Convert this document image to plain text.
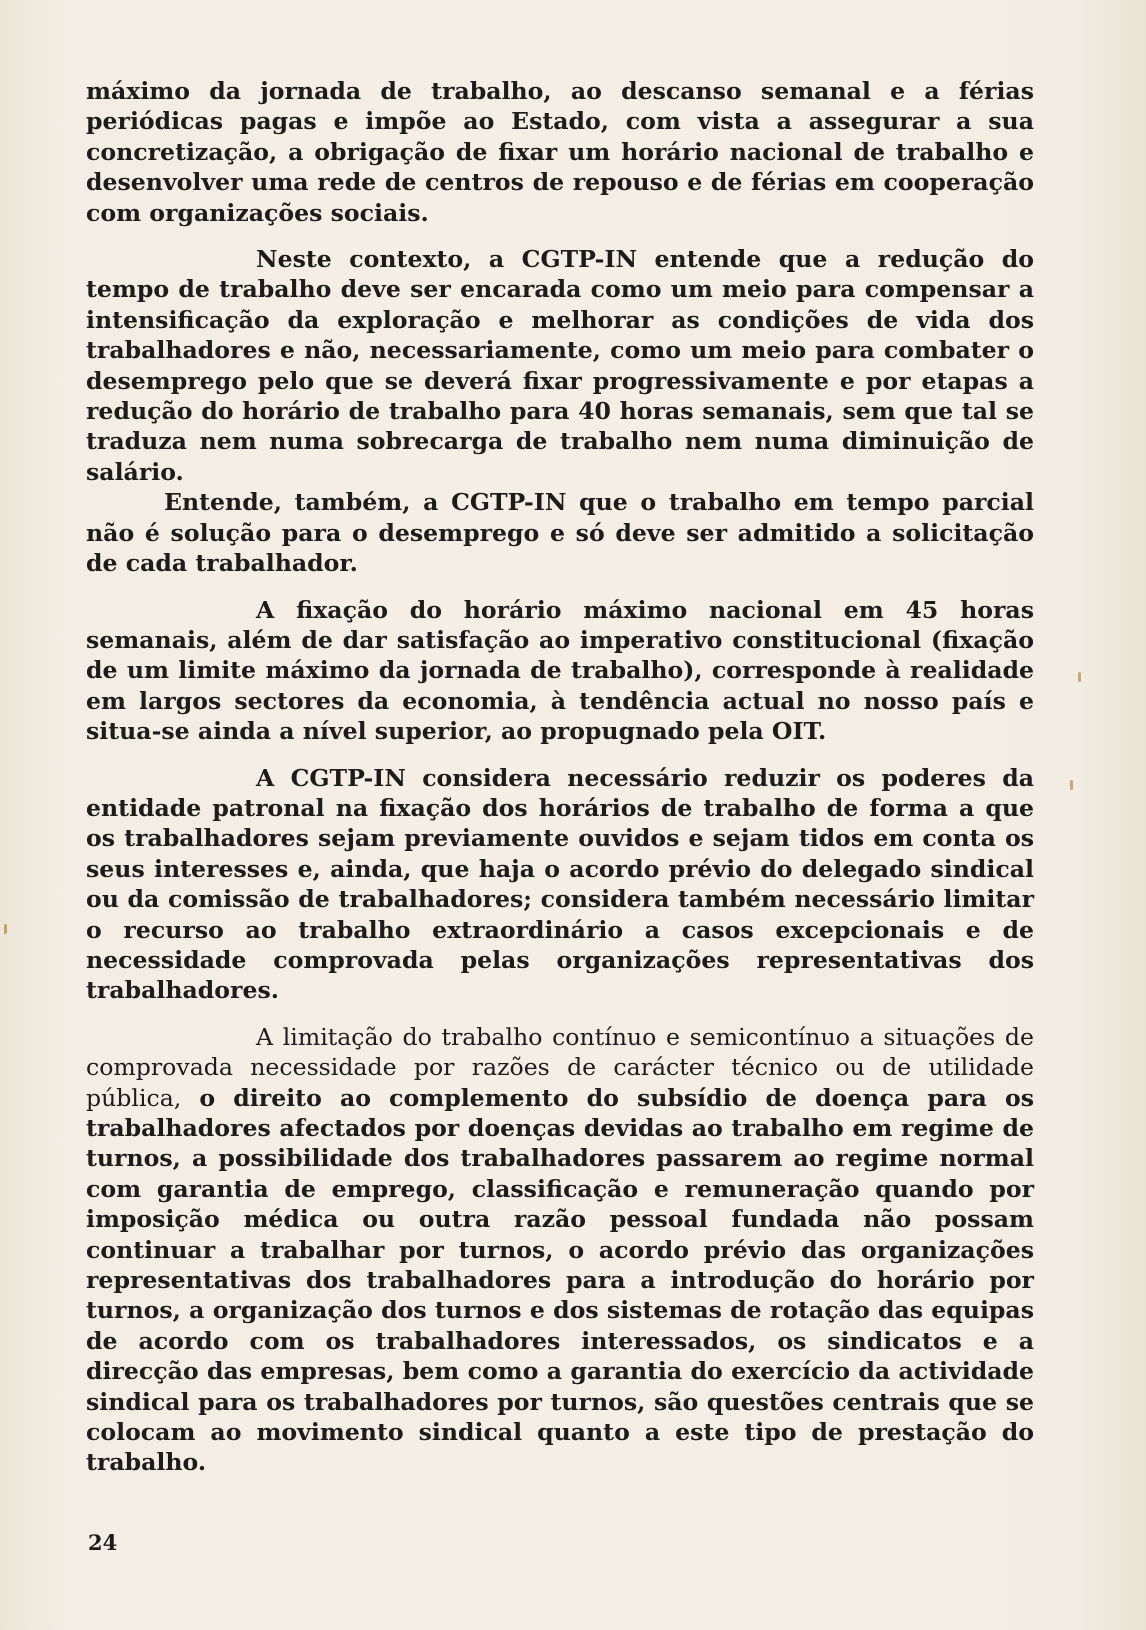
máximo da jornada de trabalho, ao descanso semanal e a férias periódicas pagas e impõe ao Estado, com vista a assegurar a sua concretização, a obrigação de fixar um horário nacional de trabalho e desenvolver uma rede de centros de repouso e de férias em cooperação com organizações sociais.

Neste contexto, a CGTP-IN entende que a redução do tempo de trabalho deve ser encarada como um meio para compensar a intensificação da exploração e melhorar as condições de vida dos trabalhadores e não, necessariamente, como um meio para combater o desemprego pelo que se deverá fixar progressivamente e por etapas a redução do horário de trabalho para 40 horas semanais, sem que tal se traduza nem numa sobrecarga de trabalho nem numa diminuição de salário.

Entende, também, a CGTP-IN que o trabalho em tempo parcial não é solução para o desemprego e só deve ser admitido a solicitação de cada trabalhador.

A fixação do horário máximo nacional em 45 horas semanais, além de dar satisfação ao imperativo constitucional (fixação de um limite máximo da jornada de trabalho), corresponde à realidade em largos sectores da economia, à tendência actual no nosso país e situa-se ainda a nível superior, ao propugnado pela OIT.

A CGTP-IN considera necessário reduzir os poderes da entidade patronal na fixação dos horários de trabalho de forma a que os trabalhadores sejam previamente ouvidos e sejam tidos em conta os seus interesses e, ainda, que haja o acordo prévio do delegado sindical ou da comissão de trabalhadores; considera também necessário limitar o recurso ao trabalho extraordinário a casos excepcionais e de necessidade comprovada pelas organizações representativas dos trabalhadores.

A limitação do trabalho contínuo e semicontínuo a situações de comprovada necessidade por razões de carácter técnico ou de utilidade pública, o direito ao complemento do subsídio de doença para os trabalhadores afectados por doenças devidas ao trabalho em regime de turnos, a possibilidade dos trabalhadores passarem ao regime normal com garantia de emprego, classificação e remuneração quando por imposição médica ou outra razão pessoal fundada não possam continuar a trabalhar por turnos, o acordo prévio das organizações representativas dos trabalhadores para a introdução do horário por turnos, a organização dos turnos e dos sistemas de rotação das equipas de acordo com os trabalhadores interessados, os sindicatos e a direcção das empresas, bem como a garantia do exercício da actividade sindical para os trabalhadores por turnos, são questões centrais que se colocam ao movimento sindical quanto a este tipo de prestação do trabalho.

24
